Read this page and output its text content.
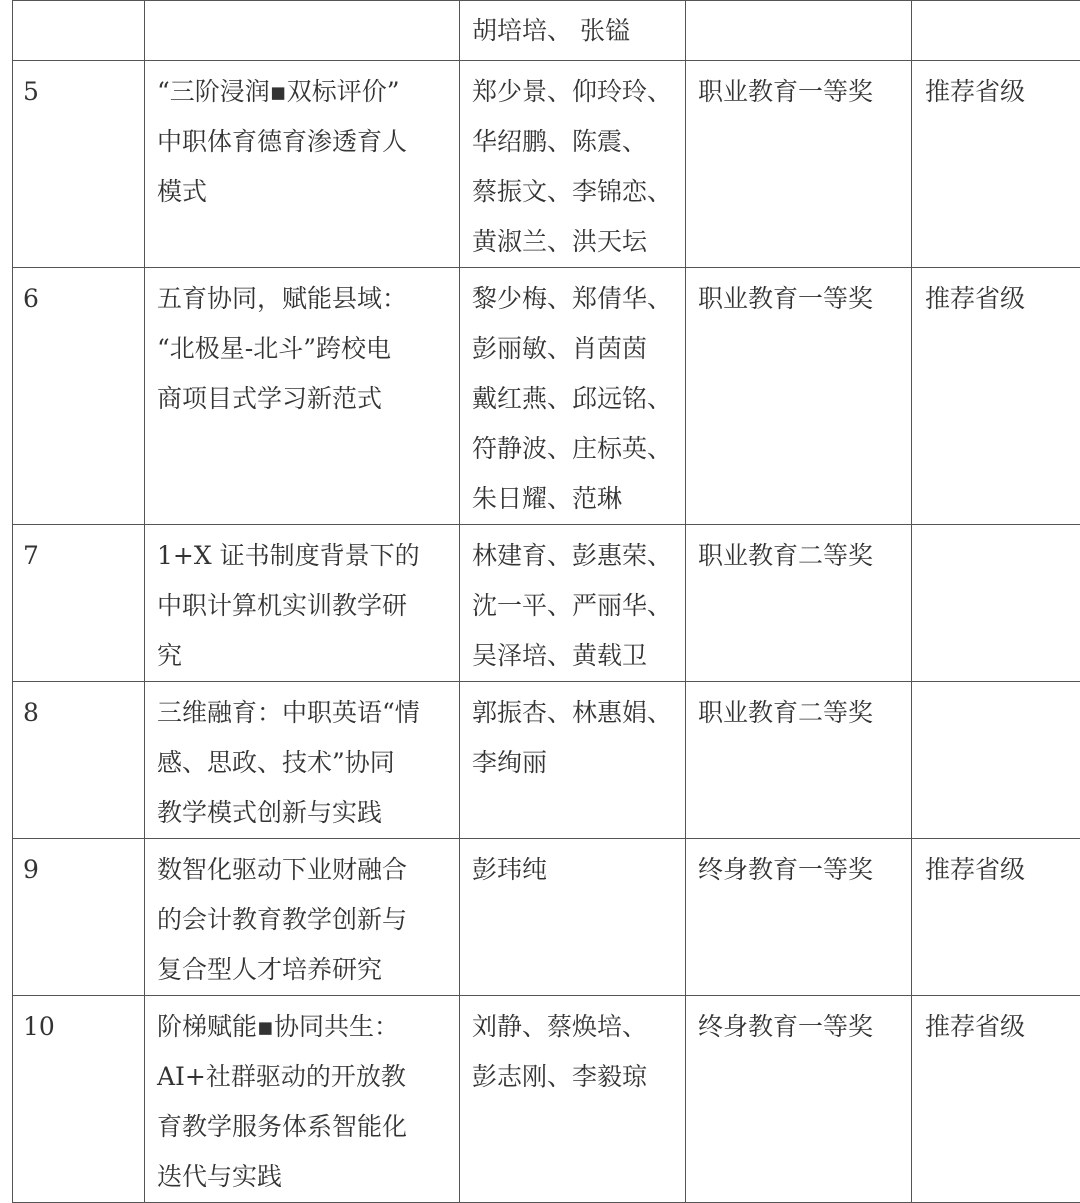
		胡培培、 张镒		

5	“三阶浸润▪双标评价”
中职体育德育渗透育人
模式	郑少景、仰玲玲、
华绍鹏、陈震、
蔡振文、李锦恋、
黄淑兰、洪天坛	职业教育一等奖	推荐省级

6	五育协同，赋能县域：
“北极星-北斗”跨校电
商项目式学习新范式	黎少梅、郑倩华、
彭丽敏、肖茵茵
戴红燕、邱远铭、
符静波、庄标英、
朱日耀、范琳	职业教育一等奖	推荐省级

7	1+X 证书制度背景下的
中职计算机实训教学研
究	林建育、彭惠荣、
沈一平、严丽华、
吴泽培、黄载卫	职业教育二等奖	

8	三维融育：中职英语“情
感、思政、技术”协同
教学模式创新与实践	郭振杏、林惠娟、
李绚丽	职业教育二等奖	

9	数智化驱动下业财融合
的会计教育教学创新与
复合型人才培养研究	彭玮纯	终身教育一等奖	推荐省级

10	阶梯赋能▪协同共生：
AI+社群驱动的开放教
育教学服务体系智能化
迭代与实践	刘静、蔡焕培、
彭志刚、李毅琼	终身教育一等奖	推荐省级
